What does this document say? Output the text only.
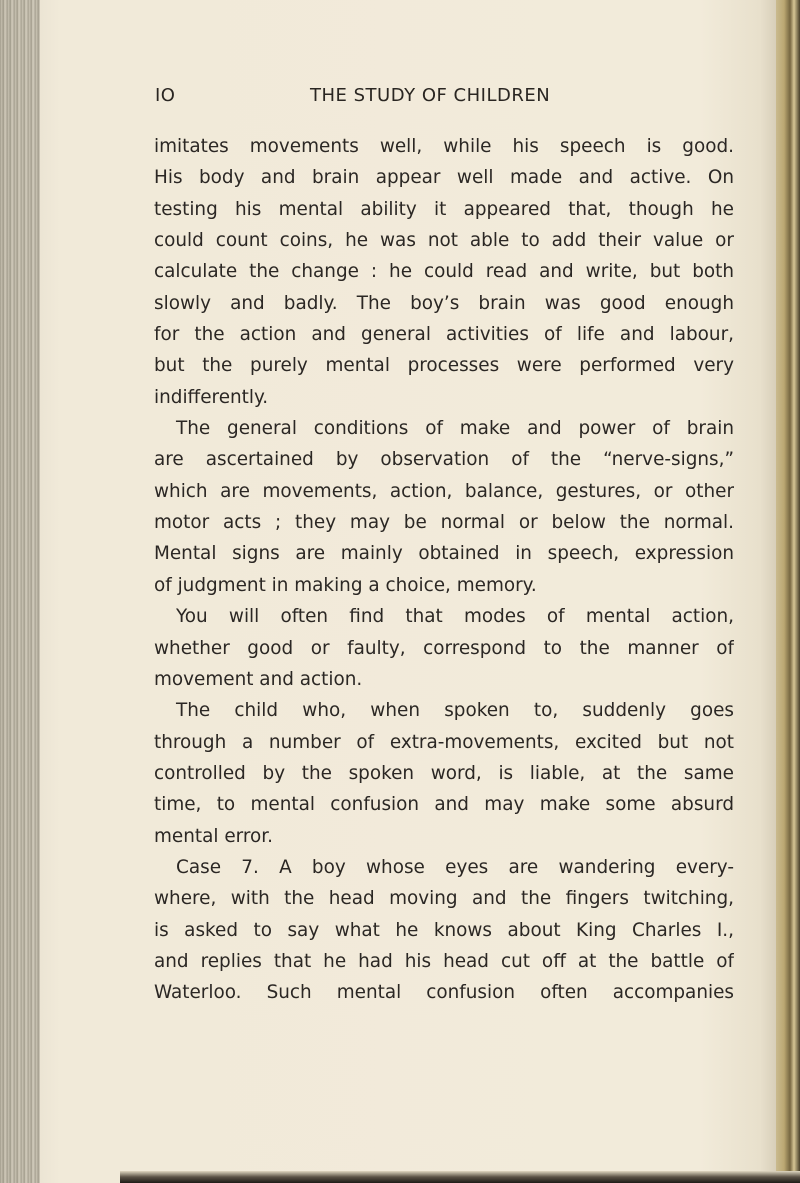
IO	THE STUDY OF CHILDREN
imitates movements well, while his speech is good.
His body and brain appear well made and active. On
testing his mental ability it appeared that, though he
could count coins, he was not able to add their value or
calculate the change : he could read and write, but both
slowly and badly. The boy’s brain was good enough
for the action and general activities of life and labour,
but the purely mental processes were performed very
indifferently.
The general conditions of make and power of brain
are ascertained by observation of the “nerve-signs,”
which are movements, action, balance, gestures, or other
motor acts ; they may be normal or below the normal.
Mental signs are mainly obtained in speech, expression
of judgment in making a choice, memory.
You will often find that modes of mental action,
whether good or faulty, correspond to the manner of
movement and action.
The child who, when spoken to, suddenly goes
through a number of extra-movements, excited but not
controlled by the spoken word, is liable, at the same
time, to mental confusion and may make some absurd
mental error.
Case 7. A boy whose eyes are wandering every-
where, with the head moving and the fingers twitching,
is asked to say what he knows about King Charles I.,
and replies that he had his head cut off at the battle of
Waterloo. Such mental confusion often accompanies
